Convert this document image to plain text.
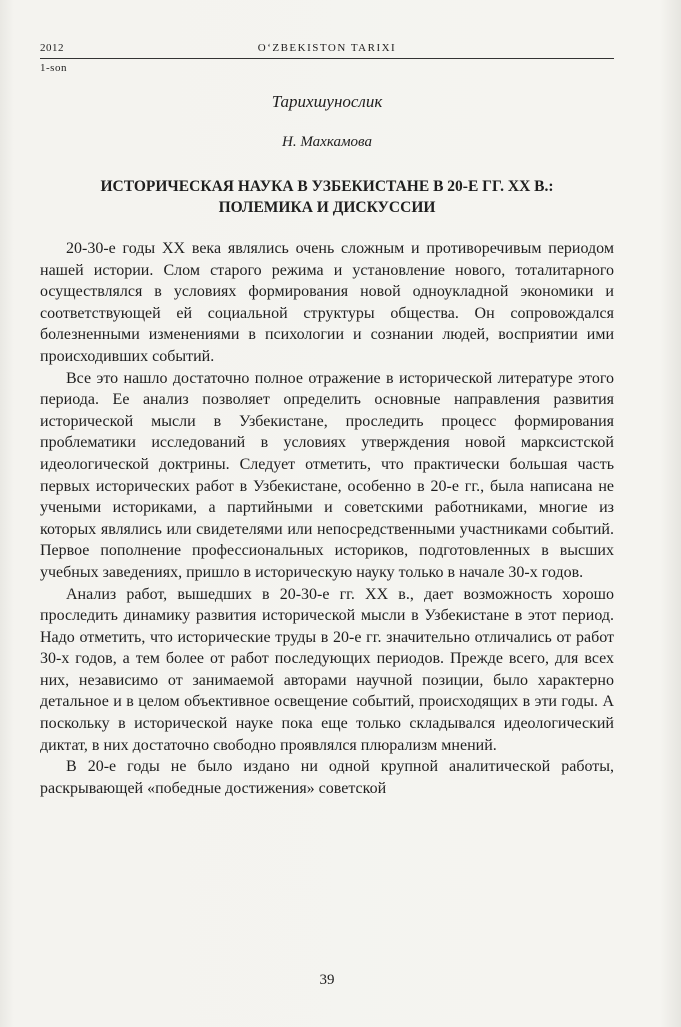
2012	O‘ZBEKISTON TARIXI
1-son
Тарихшунослик
Н. Махкамова
ИСТОРИЧЕСКАЯ НАУКА В УЗБЕКИСТАНЕ В 20-Е ГГ. XX В.:
ПОЛЕМИКА И ДИСКУССИИ

20-30-е годы XX века являлись очень сложным и противоречивым периодом нашей истории. Слом старого режима и установление нового, тоталитарного осуществлялся в условиях формирования новой одноукладной экономики и соответствующей ей социальной структуры общества. Он сопровождался болезненными изменениями в психологии и сознании людей, восприятии ими происходивших событий.

Все это нашло достаточно полное отражение в исторической литературе этого периода. Ее анализ позволяет определить основные направления развития исторической мысли в Узбекистане, проследить процесс формирования проблематики исследований в условиях утверждения новой марксистской идеологической доктрины. Следует отметить, что практически большая часть первых исторических работ в Узбекистане, особенно в 20-е гг., была написана не учеными историками, а партийными и советскими работниками, многие из которых являлись или свидетелями или непосредственными участниками событий. Первое пополнение профессиональных историков, подготовленных в высших учебных заведениях, пришло в историческую науку только в начале 30-х годов.

Анализ работ, вышедших в 20-30-е гг. XX в., дает возможность хорошо проследить динамику развития исторической мысли в Узбекистане в этот период. Надо отметить, что исторические труды в 20-е гг. значительно отличались от работ 30-х годов, а тем более от работ последующих периодов. Прежде всего, для всех них, независимо от занимаемой авторами научной позиции, было характерно детальное и в целом объективное освещение событий, происходящих в эти годы. А поскольку в исторической науке пока еще только складывался идеологический диктат, в них достаточно свободно проявлялся плюрализм мнений.

В 20-е годы не было издано ни одной крупной аналитической работы, раскрывающей «победные достижения» советской

39
